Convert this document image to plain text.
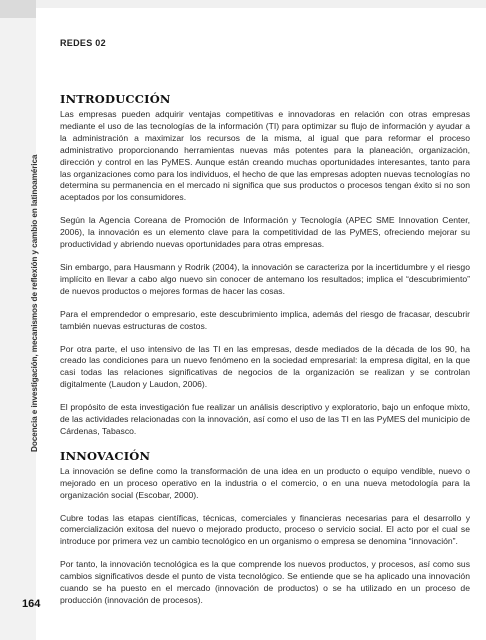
Docencia e investigación, mecanismos de reflexión y cambio en latinoamérica
REDES 02
INTRODUCCIÓN

Las empresas pueden adquirir ventajas competitivas e innovadoras en relación con otras empresas mediante el uso de las tecnologías de la información (TI) para optimizar su flujo de información y ayudar a la administración a maximizar los recursos de la misma, al igual que para reformar el proceso administrativo proporcionando herramientas nuevas más potentes para la planeación, organización, dirección y control en las PyMES. Aunque están creando muchas oportunidades interesantes, tanto para las organizaciones como para los individuos, el hecho de que las empresas adopten nuevas tecnologías no determina su permanencia en el mercado ni significa que sus productos o procesos tengan éxito si no son aceptados por los consumidores.

Según la Agencia Coreana de Promoción de Información y Tecnología (APEC SME Innovation Center, 2006), la innovación es un elemento clave para la competitividad de las PyMES, ofreciendo mejorar su productividad y abriendo nuevas oportunidades para otras empresas.

Sin embargo, para Hausmann y Rodrik (2004), la innovación se caracteriza por la incertidumbre y el riesgo implícito en llevar a cabo algo nuevo sin conocer de antemano los resultados; implica el “descubrimiento” de nuevos productos o mejores formas de hacer las cosas.

Para el emprendedor o empresario, este descubrimiento implica, además del riesgo de fracasar, descubrir también nuevas estructuras de costos.

Por otra parte, el uso intensivo de las TI en las empresas, desde mediados de la década de los 90, ha creado las condiciones para un nuevo fenómeno en la sociedad empresarial: la empresa digital, en la que casi todas las relaciones significativas de negocios de la organización se realizan y se controlan digitalmente (Laudon y Laudon, 2006).

El propósito de esta investigación fue realizar un análisis descriptivo y exploratorio, bajo un enfoque mixto, de las actividades relacionadas con la innovación, así como el uso de las TI en las PyMES del municipio de Cárdenas, Tabasco.

INNOVACIÓN

La innovación se define como la transformación de una idea en un producto o equipo vendible, nuevo o mejorado en un proceso operativo en la industria o el comercio, o en una nueva metodología para la organización social (Escobar, 2000).

Cubre todas las etapas científicas, técnicas, comerciales y financieras necesarias para el desarrollo y comercialización exitosa del nuevo o mejorado producto, proceso o servicio social. El acto por el cual se introduce por primera vez un cambio tecnológico en un organismo o empresa se denomina “innovación”.

Por tanto, la innovación tecnológica es la que comprende los nuevos productos, y procesos, así como sus cambios significativos desde el punto de vista tecnológico. Se entiende que se ha aplicado una innovación cuando se ha puesto en el mercado (innovación de productos) o se ha utilizado en un proceso de producción (innovación de procesos).

164
